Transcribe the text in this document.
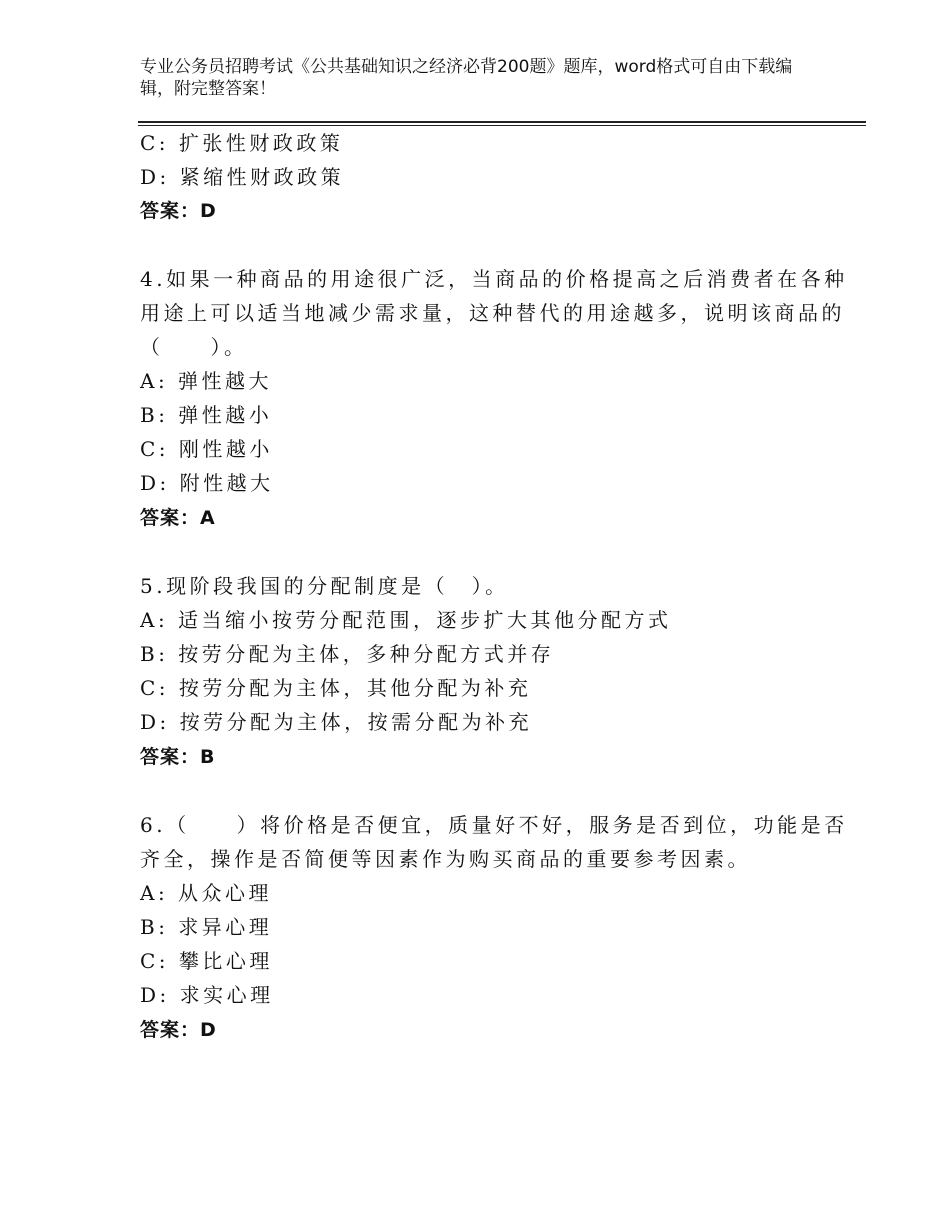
专业公务员招聘考试《公共基础知识之经济必背200题》题库，word格式可自由下载编辑，附完整答案！
C: 扩张性财政政策
D: 紧缩性财政政策
答案：D
4.如果一种商品的用途很广泛，当商品的价格提高之后消费者在各种
用途上可以适当地减少需求量，这种替代的用途越多，说明该商品的
（　　）。
A: 弹性越大
B: 弹性越小
C: 刚性越小
D: 附性越大
答案：A
5.现阶段我国的分配制度是（　）。
A: 适当缩小按劳分配范围，逐步扩大其他分配方式
B: 按劳分配为主体，多种分配方式并存
C: 按劳分配为主体，其他分配为补充
D: 按劳分配为主体，按需分配为补充
答案：B
6.（　　）将价格是否便宜，质量好不好，服务是否到位，功能是否
齐全，操作是否简便等因素作为购买商品的重要参考因素。
A: 从众心理
B: 求异心理
C: 攀比心理
D: 求实心理
答案：D
